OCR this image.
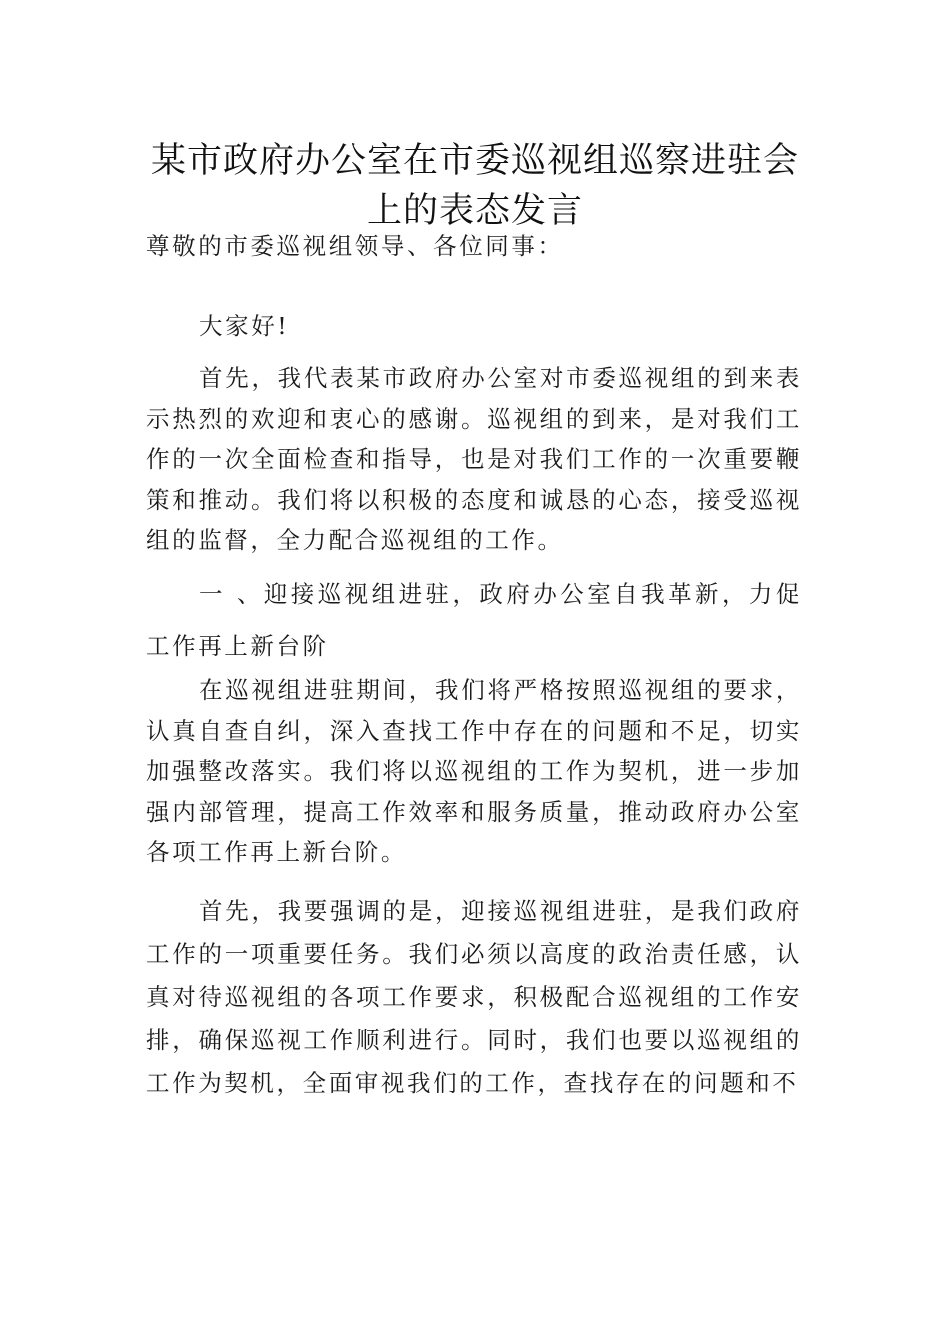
某市政府办公室在市委巡视组巡察进驻会
上的表态发言

尊敬的市委巡视组领导、各位同事：

大家好!

首先，我代表某市政府办公室对市委巡视组的到来表示热烈的欢迎和衷心的感谢。巡视组的到来，是对我们工作的一次全面检查和指导，也是对我们工作的一次重要鞭策和推动。我们将以积极的态度和诚恳的心态，接受巡视组的监督，全力配合巡视组的工作。

一 、迎接巡视组进驻，政府办公室自我革新，力促工作再上新台阶

在巡视组进驻期间，我们将严格按照巡视组的要求，认真自查自纠，深入查找工作中存在的问题和不足，切实加强整改落实。我们将以巡视组的工作为契机，进一步加强内部管理，提高工作效率和服务质量，推动政府办公室各项工作再上新台阶。

首先，我要强调的是，迎接巡视组进驻，是我们政府工作的一项重要任务。我们必须以高度的政治责任感，认真对待巡视组的各项工作要求，积极配合巡视组的工作安排，确保巡视工作顺利进行。同时，我们也要以巡视组的工作为契机，全面审视我们的工作，查找存在的问题和不
